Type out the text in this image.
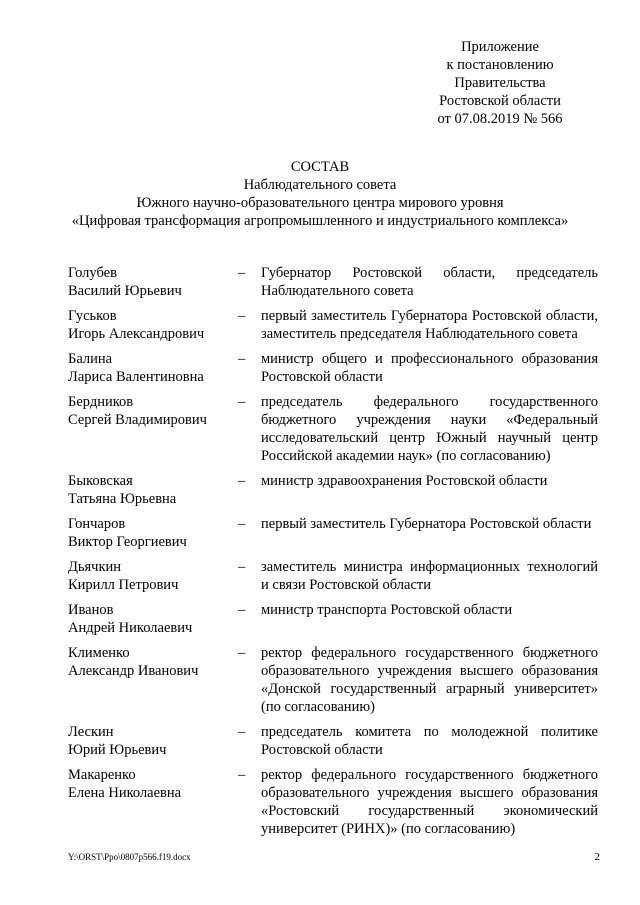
Приложение
к постановлению
Правительства
Ростовской области
от 07.08.2019 № 566
СОСТАВ
Наблюдательного совета
Южного научно-образовательного центра мирового уровня
«Цифровая трансформация агропромышленного и индустриального комплекса»
Голубев
Василий Юрьевич
– Губернатор Ростовской области, председатель Наблюдательного совета
Гуськов
Игорь Александрович
– первый заместитель Губернатора Ростовской области, заместитель председателя Наблюдательного совета
Балина
Лариса Валентиновна
– министр общего и профессионального образования Ростовской области
Бердников
Сергей Владимирович
– председатель федерального государственного бюджетного учреждения науки «Федеральный исследовательский центр Южный научный центр Российской академии наук» (по согласованию)
Быковская
Татьяна Юрьевна
– министр здравоохранения Ростовской области
Гончаров
Виктор Георгиевич
– первый заместитель Губернатора Ростовской области
Дьячкин
Кирилл Петрович
– заместитель министра информационных технологий и связи Ростовской области
Иванов
Андрей Николаевич
– министр транспорта Ростовской области
Клименко
Александр Иванович
– ректор федерального государственного бюджетного образовательного учреждения высшего образования «Донской государственный аграрный университет» (по согласованию)
Лескин
Юрий Юрьевич
– председатель комитета по молодежной политике Ростовской области
Макаренко
Елена Николаевна
– ректор федерального государственного бюджетного образовательного учреждения высшего образования «Ростовский государственный экономический университет (РИНХ)» (по согласованию)
Y:\ORST\Ppo\0807p566.f19.docx	2
